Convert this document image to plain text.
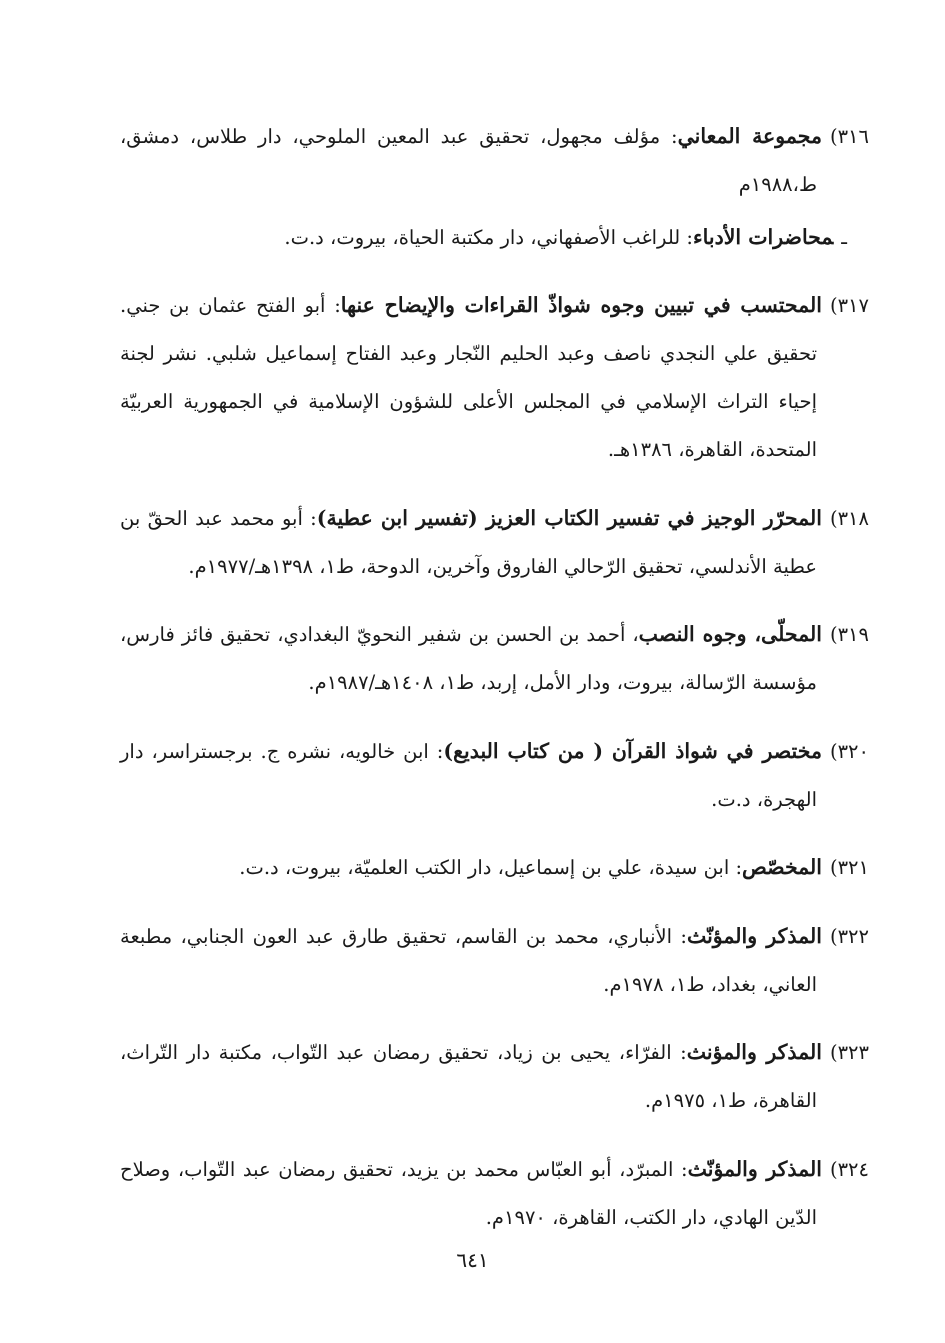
٣١٦)مجموعة المعاني: مؤلف مجهول، تحقيق عبد المعين الملوحي، دار طلاس، دمشق، ط،١٩٨٨م

ـمحاضرات الأدباء: للراغب الأصفهاني، دار مكتبة الحياة، بيروت، د.ت.

٣١٧)المحتسب في تبيين وجوه شواذّ القراءات والإيضاح عنها: أبو الفتح عثمان بن جني. تحقيق علي النجدي ناصف وعبد الحليم النّجار وعبد الفتاح إسماعيل شلبي. نشر لجنة إحياء التراث الإسلامي في المجلس الأعلى للشؤون الإسلامية في الجمهورية العربيّة المتحدة، القاهرة، ١٣٨٦هـ.

٣١٨)المحرّر الوجيز في تفسير الكتاب العزيز (تفسير ابن عطية): أبو محمد عبد الحقّ بن عطية الأندلسي، تحقيق الرّحالي الفاروق وآخرين، الدوحة، ط١، ١٣٩٨هـ/١٩٧٧م.

٣١٩)المحلّى، وجوه النصب، أحمد بن الحسن بن شفير النحويّ البغدادي، تحقيق فائز فارس، مؤسسة الرّسالة، بيروت، ودار الأمل، إربد، ط١، ١٤٠٨هـ/١٩٨٧م.

٣٢٠)مختصر في شواذ القرآن ( من كتاب البديع): ابن خالويه، نشره ج. برجستراسر، دار الهجرة، د.ت.

٣٢١)المخصّص: ابن سيدة، علي بن إسماعيل، دار الكتب العلميّة، بيروت، د.ت.

٣٢٢)المذكر والمؤنّث: الأنباري، محمد بن القاسم، تحقيق طارق عبد العون الجنابي، مطبعة العاني، بغداد، ط١، ١٩٧٨م.

٣٢٣)المذكر والمؤنث: الفرّاء، يحيى بن زياد، تحقيق رمضان عبد التّواب، مكتبة دار التّراث، القاهرة، ط١، ١٩٧٥م.

٣٢٤)المذكر والمؤنّث: المبرّد، أبو العبّاس محمد بن يزيد، تحقيق رمضان عبد التّواب، وصلاح الدّين الهادي، دار الكتب، القاهرة، ١٩٧٠م.

٦٤١
